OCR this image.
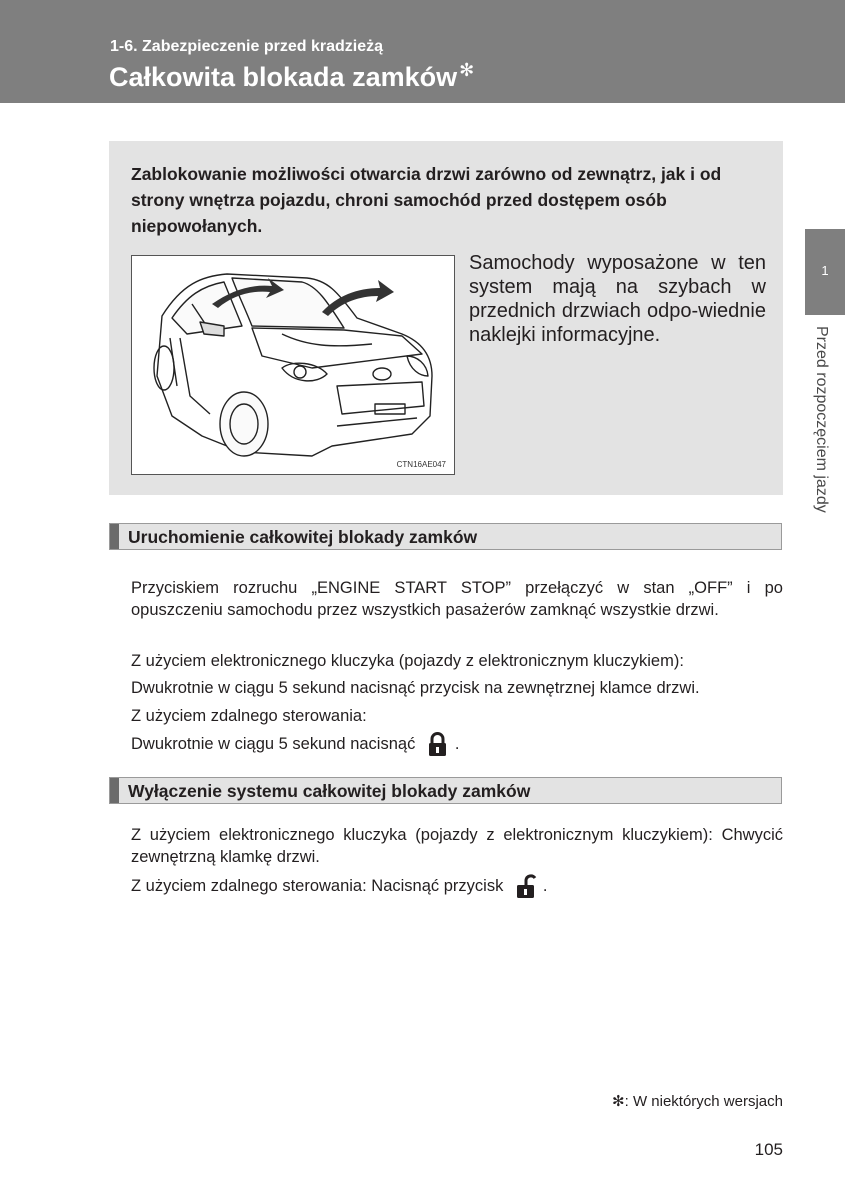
1-6. Zabezpieczenie przed kradzieżą
Całkowita blokada zamków ✻
1
Przed rozpoczęciem jazdy
Zablokowanie możliwości otwarcia drzwi zarówno od zewnątrz, jak i od strony wnętrza pojazdu, chroni samochód przed dostępem osób niepowołanych.
CTN16AE047
Samochody wyposażone w ten system mają na szybach w przednich drzwiach odpo-wiednie naklejki informacyjne.
Uruchomienie całkowitej blokady zamków
Przyciskiem rozruchu „ENGINE START STOP” przełączyć w stan „OFF” i po opuszczeniu samochodu przez wszystkich pasażerów zamknąć wszystkie drzwi.
Z użyciem elektronicznego kluczyka (pojazdy z elektronicznym kluczykiem):
Dwukrotnie w ciągu 5 sekund nacisnąć przycisk na zewnętrznej klamce drzwi.
Z użyciem zdalnego sterowania:
Dwukrotnie w ciągu 5 sekund nacisnąć .
Wyłączenie systemu całkowitej blokady zamków
Z użyciem elektronicznego kluczyka (pojazdy z elektronicznym kluczykiem): Chwycić zewnętrzną klamkę drzwi.
Z użyciem zdalnego sterowania: Nacisnąć przycisk .
✻: W niektórych wersjach
105
